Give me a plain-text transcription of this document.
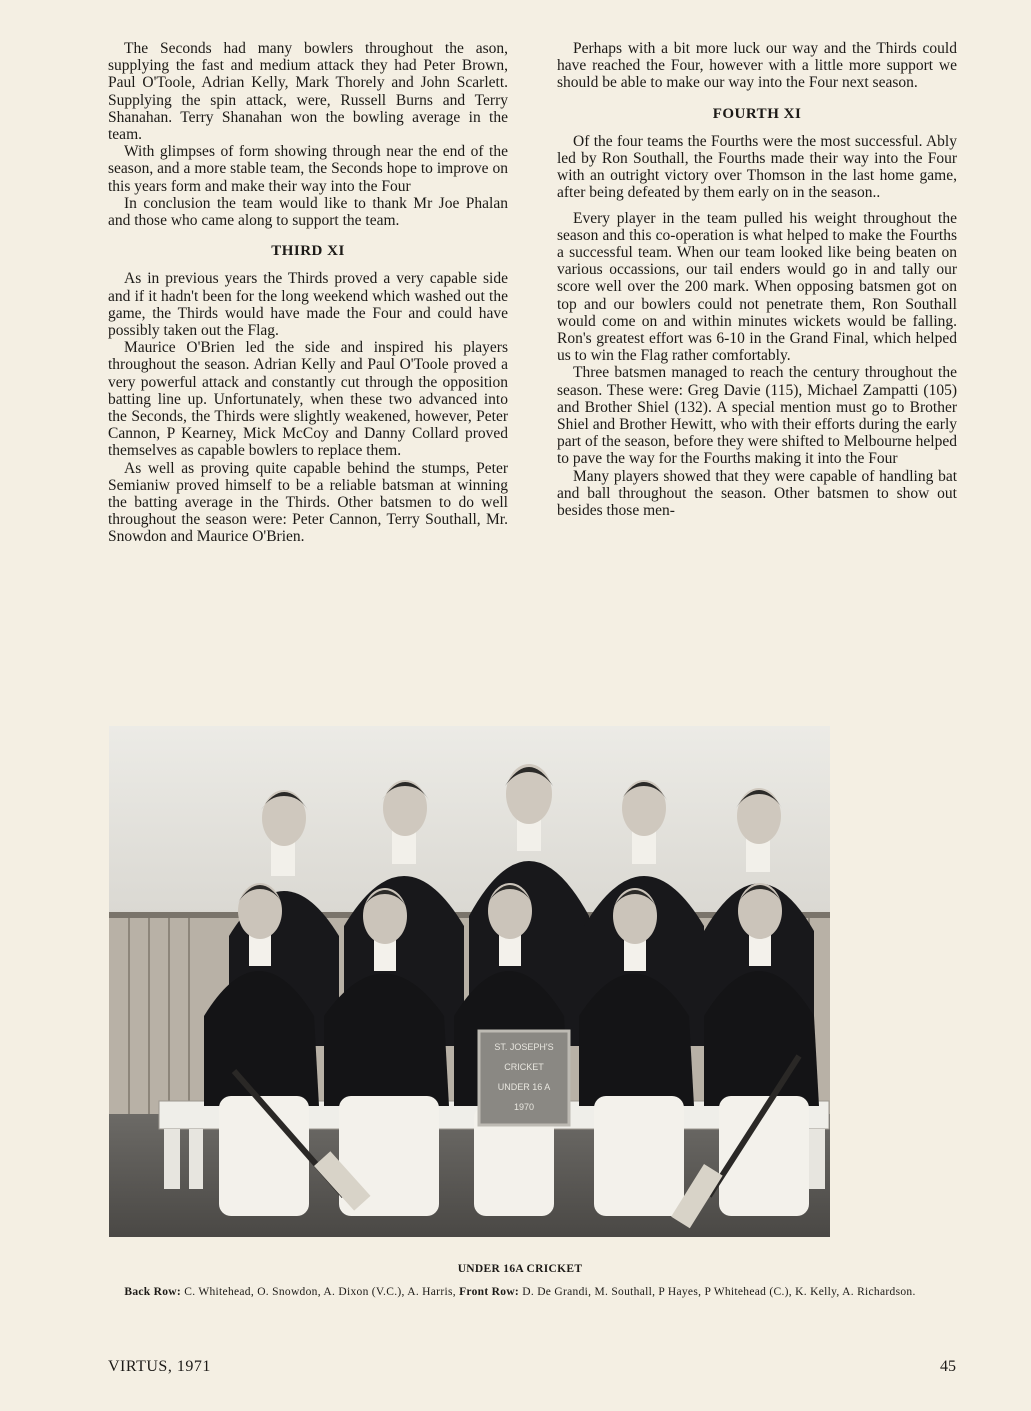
The Seconds had many bowlers throughout the ason, supplying the fast and medium attack they had Peter Brown, Paul O'Toole, Adrian Kelly, Mark Thorely and John Scarlett. Supplying the spin attack, were, Russell Burns and Terry Shanahan. Terry Shanahan won the bowling average in the team.

With glimpses of form showing through near the end of the season, and a more stable team, the Seconds hope to improve on this years form and make their way into the Four

In conclusion the team would like to thank Mr Joe Phalan and those who came along to support the team.

THIRD XI

As in previous years the Thirds proved a very capable side and if it hadn't been for the long weekend which washed out the game, the Thirds would have made the Four and could have possibly taken out the Flag.

Maurice O'Brien led the side and inspired his players throughout the season. Adrian Kelly and Paul O'Toole proved a very powerful attack and constantly cut through the opposition batting line up. Unfortunately, when these two advanced into the Seconds, the Thirds were slightly weakened, however, Peter Cannon, P Kearney, Mick McCoy and Danny Collard proved themselves as capable bowlers to replace them.

As well as proving quite capable behind the stumps, Peter Semianiw proved himself to be a reliable batsman at winning the batting average in the Thirds. Other batsmen to do well throughout the season were: Peter Cannon, Terry Southall, Mr. Snowdon and Maurice O'Brien.

Perhaps with a bit more luck our way and the Thirds could have reached the Four, however with a little more support we should be able to make our way into the Four next season.

FOURTH XI

Of the four teams the Fourths were the most successful. Ably led by Ron Southall, the Fourths made their way into the Four with an outright victory over Thomson in the last home game, after being defeated by them early on in the season..

Every player in the team pulled his weight throughout the season and this co-operation is what helped to make the Fourths a successful team. When our team looked like being beaten on various occassions, our tail enders would go in and tally our score well over the 200 mark. When opposing batsmen got on top and our bowlers could not penetrate them, Ron Southall would come on and within minutes wickets would be falling. Ron's greatest effort was 6-10 in the Grand Final, which helped us to win the Flag rather comfortably.

Three batsmen managed to reach the century throughout the season. These were: Greg Davie (115), Michael Zampatti (105) and Brother Shiel (132). A special mention must go to Brother Shiel and Brother Hewitt, who with their efforts during the early part of the season, before they were shifted to Melbourne helped to pave the way for the Fourths making it into the Four

Many players showed that they were capable of handling bat and ball throughout the season. Other batsmen to show out besides those men-

ST. JOSEPH'S
CRICKET
UNDER 16 A
1970
UNDER 16A CRICKET
Back Row: C. Whitehead, O. Snowdon, A. Dixon (V.C.), A. Harris, Front Row: D. De Grandi, M. Southall, P Hayes, P Whitehead (C.), K. Kelly, A. Richardson.
VIRTUS, 1971	45
